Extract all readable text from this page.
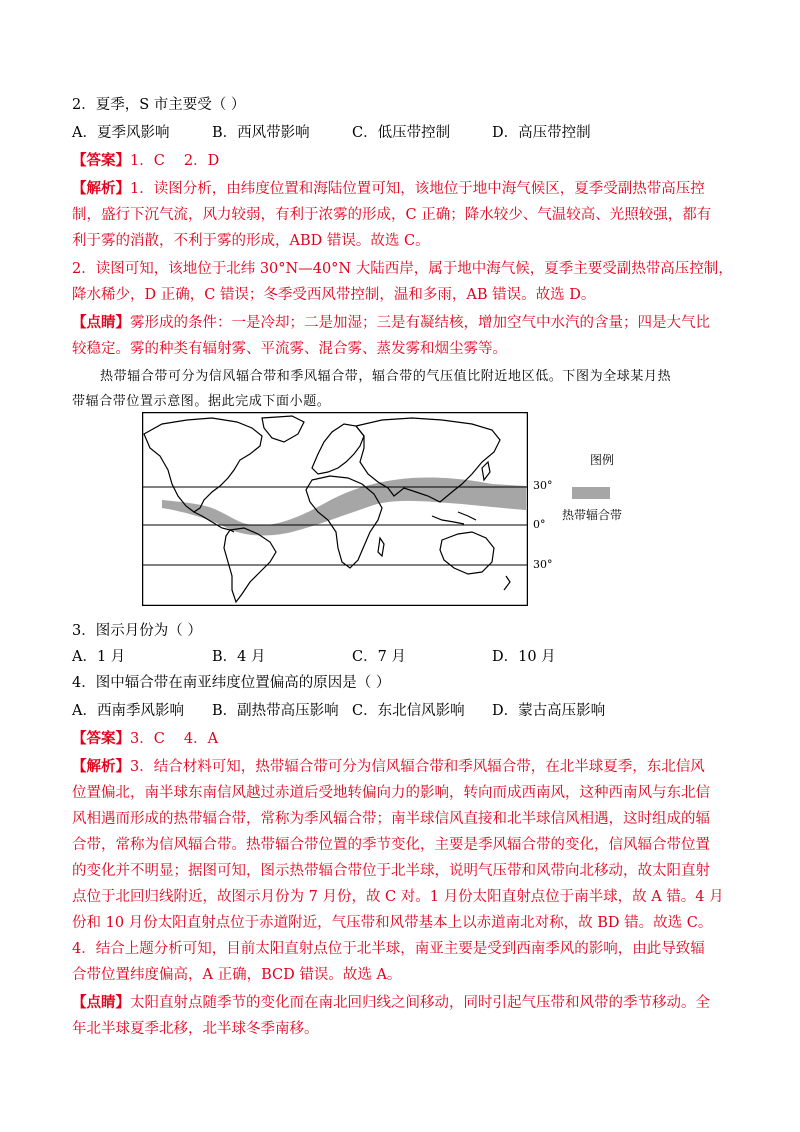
2．夏季，S 市主要受（ ）
A．夏季风影响	B．西风带影响	C．低压带控制	D．高压带控制
【答案】1．C　 2．D
【解析】1．读图分析，由纬度位置和海陆位置可知，该地位于地中海气候区，夏季受副热带高压控
制，盛行下沉气流，风力较弱，有利于浓雾的形成，C 正确；降水较少、气温较高、光照较强，都有
利于雾的消散，不利于雾的形成，ABD 错误。故选 C。
2．读图可知，该地位于北纬 30°N—40°N 大陆西岸，属于地中海气候，夏季主要受副热带高压控制，
降水稀少，D 正确，C 错误；冬季受西风带控制，温和多雨，AB 错误。故选 D。
【点睛】雾形成的条件：一是冷却；二是加湿；三是有凝结核，增加空气中水汽的含量；四是大气比
较稳定。雾的种类有辐射雾、平流雾、混合雾、蒸发雾和烟尘雾等。
热带辐合带可分为信风辐合带和季风辐合带，辐合带的气压值比附近地区低。下图为全球某月热
带辐合带位置示意图。据此完成下面小题。
30°
0°
30°
图例
热带辐合带
3．图示月份为（ ）
A．1 月	B．4 月	C．7 月	D．10 月
4．图中辐合带在南亚纬度位置偏高的原因是（ ）
A．西南季风影响	B．副热带高压影响 C．东北信风影响	D．蒙古高压影响
【答案】3．C　 4．A
【解析】3．结合材料可知，热带辐合带可分为信风辐合带和季风辐合带，在北半球夏季，东北信风
位置偏北，南半球东南信风越过赤道后受地转偏向力的影响，转向而成西南风，这种西南风与东北信
风相遇而形成的热带辐合带，常称为季风辐合带；南半球信风直接和北半球信风相遇，这时组成的辐
合带，常称为信风辐合带。热带辐合带位置的季节变化，主要是季风辐合带的变化，信风辐合带位置
的变化并不明显；据图可知，图示热带辐合带位于北半球，说明气压带和风带向北移动，故太阳直射
点位于北回归线附近，故图示月份为 7 月份，故 C 对。1 月份太阳直射点位于南半球，故 A 错。4 月
份和 10 月份太阳直射点位于赤道附近，气压带和风带基本上以赤道南北对称，故 BD 错。故选 C。
4．结合上题分析可知，目前太阳直射点位于北半球，南亚主要是受到西南季风的影响，由此导致辐
合带位置纬度偏高，A 正确，BCD 错误。故选 A。
【点睛】太阳直射点随季节的变化而在南北回归线之间移动，同时引起气压带和风带的季节移动。全
年北半球夏季北移，北半球冬季南移。
